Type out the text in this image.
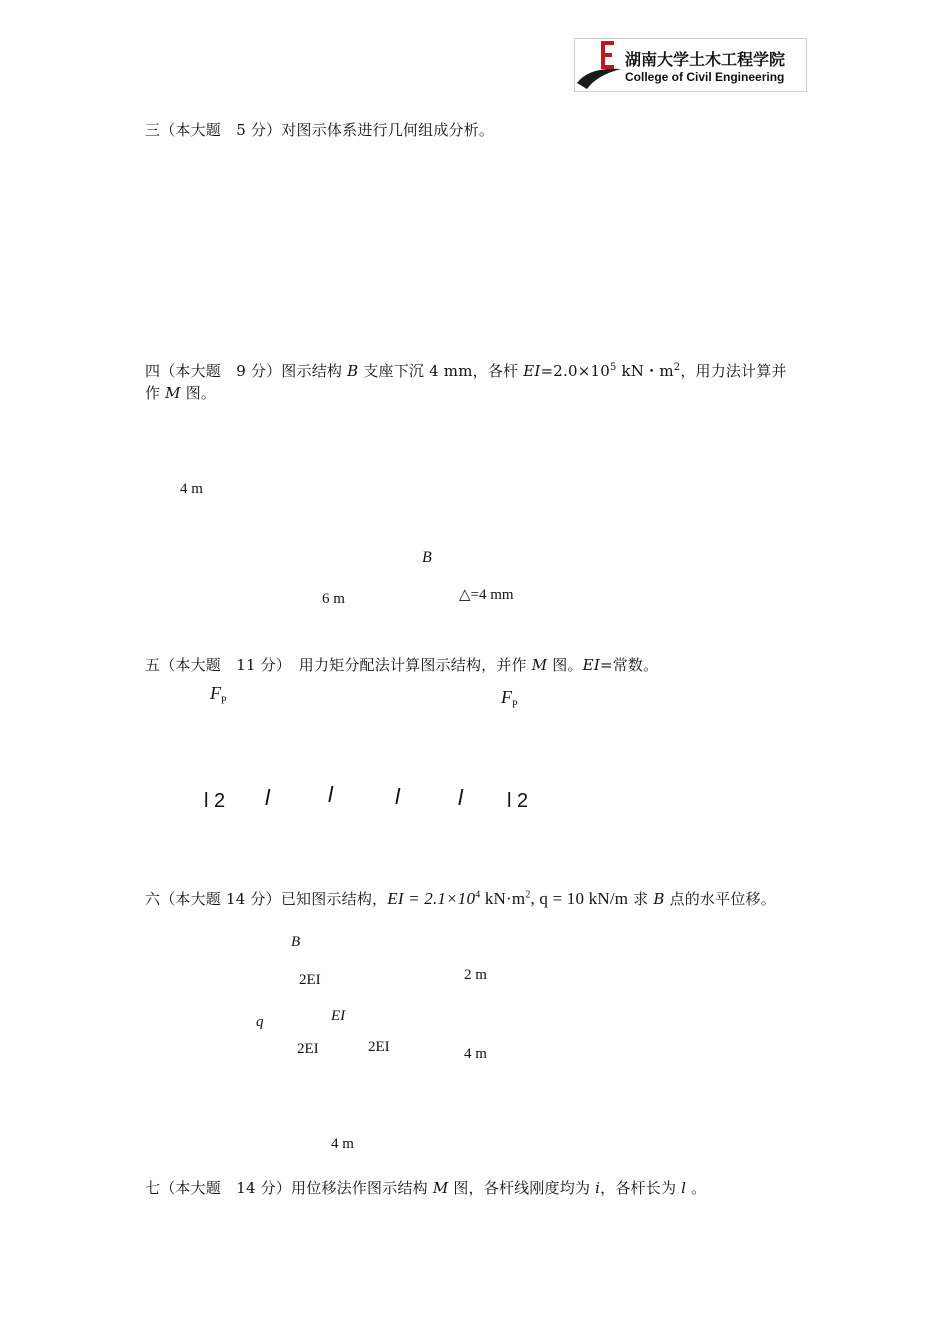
湖南大学土木工程学院
College of Civil Engineering
三（本大题　5 分）对图示体系进行几何组成分析。
四（本大题　9 分）图示结构 B 支座下沉 4 mm，各杆 $EI=2.0\times 10^5$ kN・$m^2$，用力法计算并
作 M 图。
4 m
B
6 m	△=4 mm
五（本大题　11 分）　用力矩分配法计算图示结构，并作 M 图。EI=常数。
$F_P$	$F_P$
l 2 l	l	l	l l 2
六（本大题 14 分）已知图示结构，EI = $2.1\times 10^4$ $kN\cdot m^2$, q = 10 kN/m 求 B 点的水平位移。
B
2EI	2 m
EI
q
2EI	2EI	4 m
4 m
七（本大题　14 分）用位移法作图示结构 M 图，各杆线刚度均为 i，各杆长为 l 。
